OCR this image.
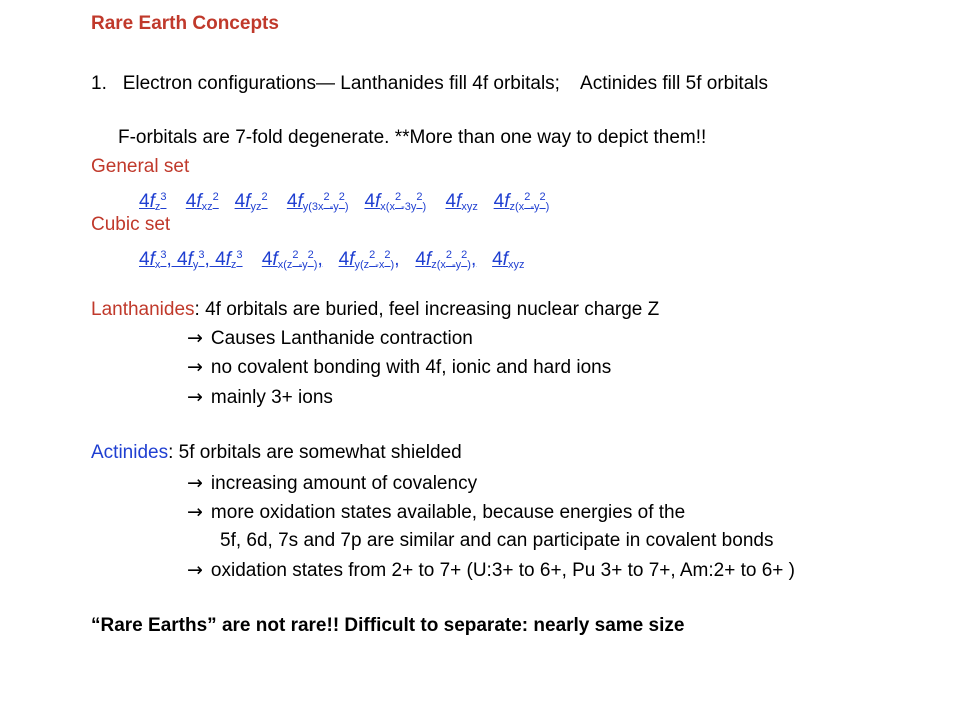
Rare Earth Concepts
1. Electron configurations— Lanthanides fill 4f orbitals; Actinides fill 5f orbitals
F-orbitals are 7-fold degenerate. **More than one way to depict them!!
General set
$4f_z^3$ $4f_{xz}^2$ $4f_{yz}^2$ $4f_{y(3x}^2_{-y}^2_)$ $4f_{x(x}^2_{-3y}^2_)$ $4f_{xyz}$ $4f_{z(x}^2_{-y}^2_)$
Cubic set
$4f_x^3$, $4f_y^3$, $4f_z^3$ $4f_{x(z}^2_{-y}^2_)$, $4f_{y(z}^2_{-x}^2_)$, $4f_{z(x}^2_{-y}^2_)$, $4f_{xyz}$
Lanthanides: 4f orbitals are buried, feel increasing nuclear charge Z
→ Causes Lanthanide contraction
→ no covalent bonding with 4f, ionic and hard ions
→ mainly 3+ ions
Actinides: 5f orbitals are somewhat shielded
→ increasing amount of covalency
→ more oxidation states available, because energies of the
5f, 6d, 7s and 7p are similar and can participate in covalent bonds
→ oxidation states from 2+ to 7+ (U:3+ to 6+, Pu 3+ to 7+, Am:2+ to 6+ )
“Rare Earths” are not rare!! Difficult to separate: nearly same size
